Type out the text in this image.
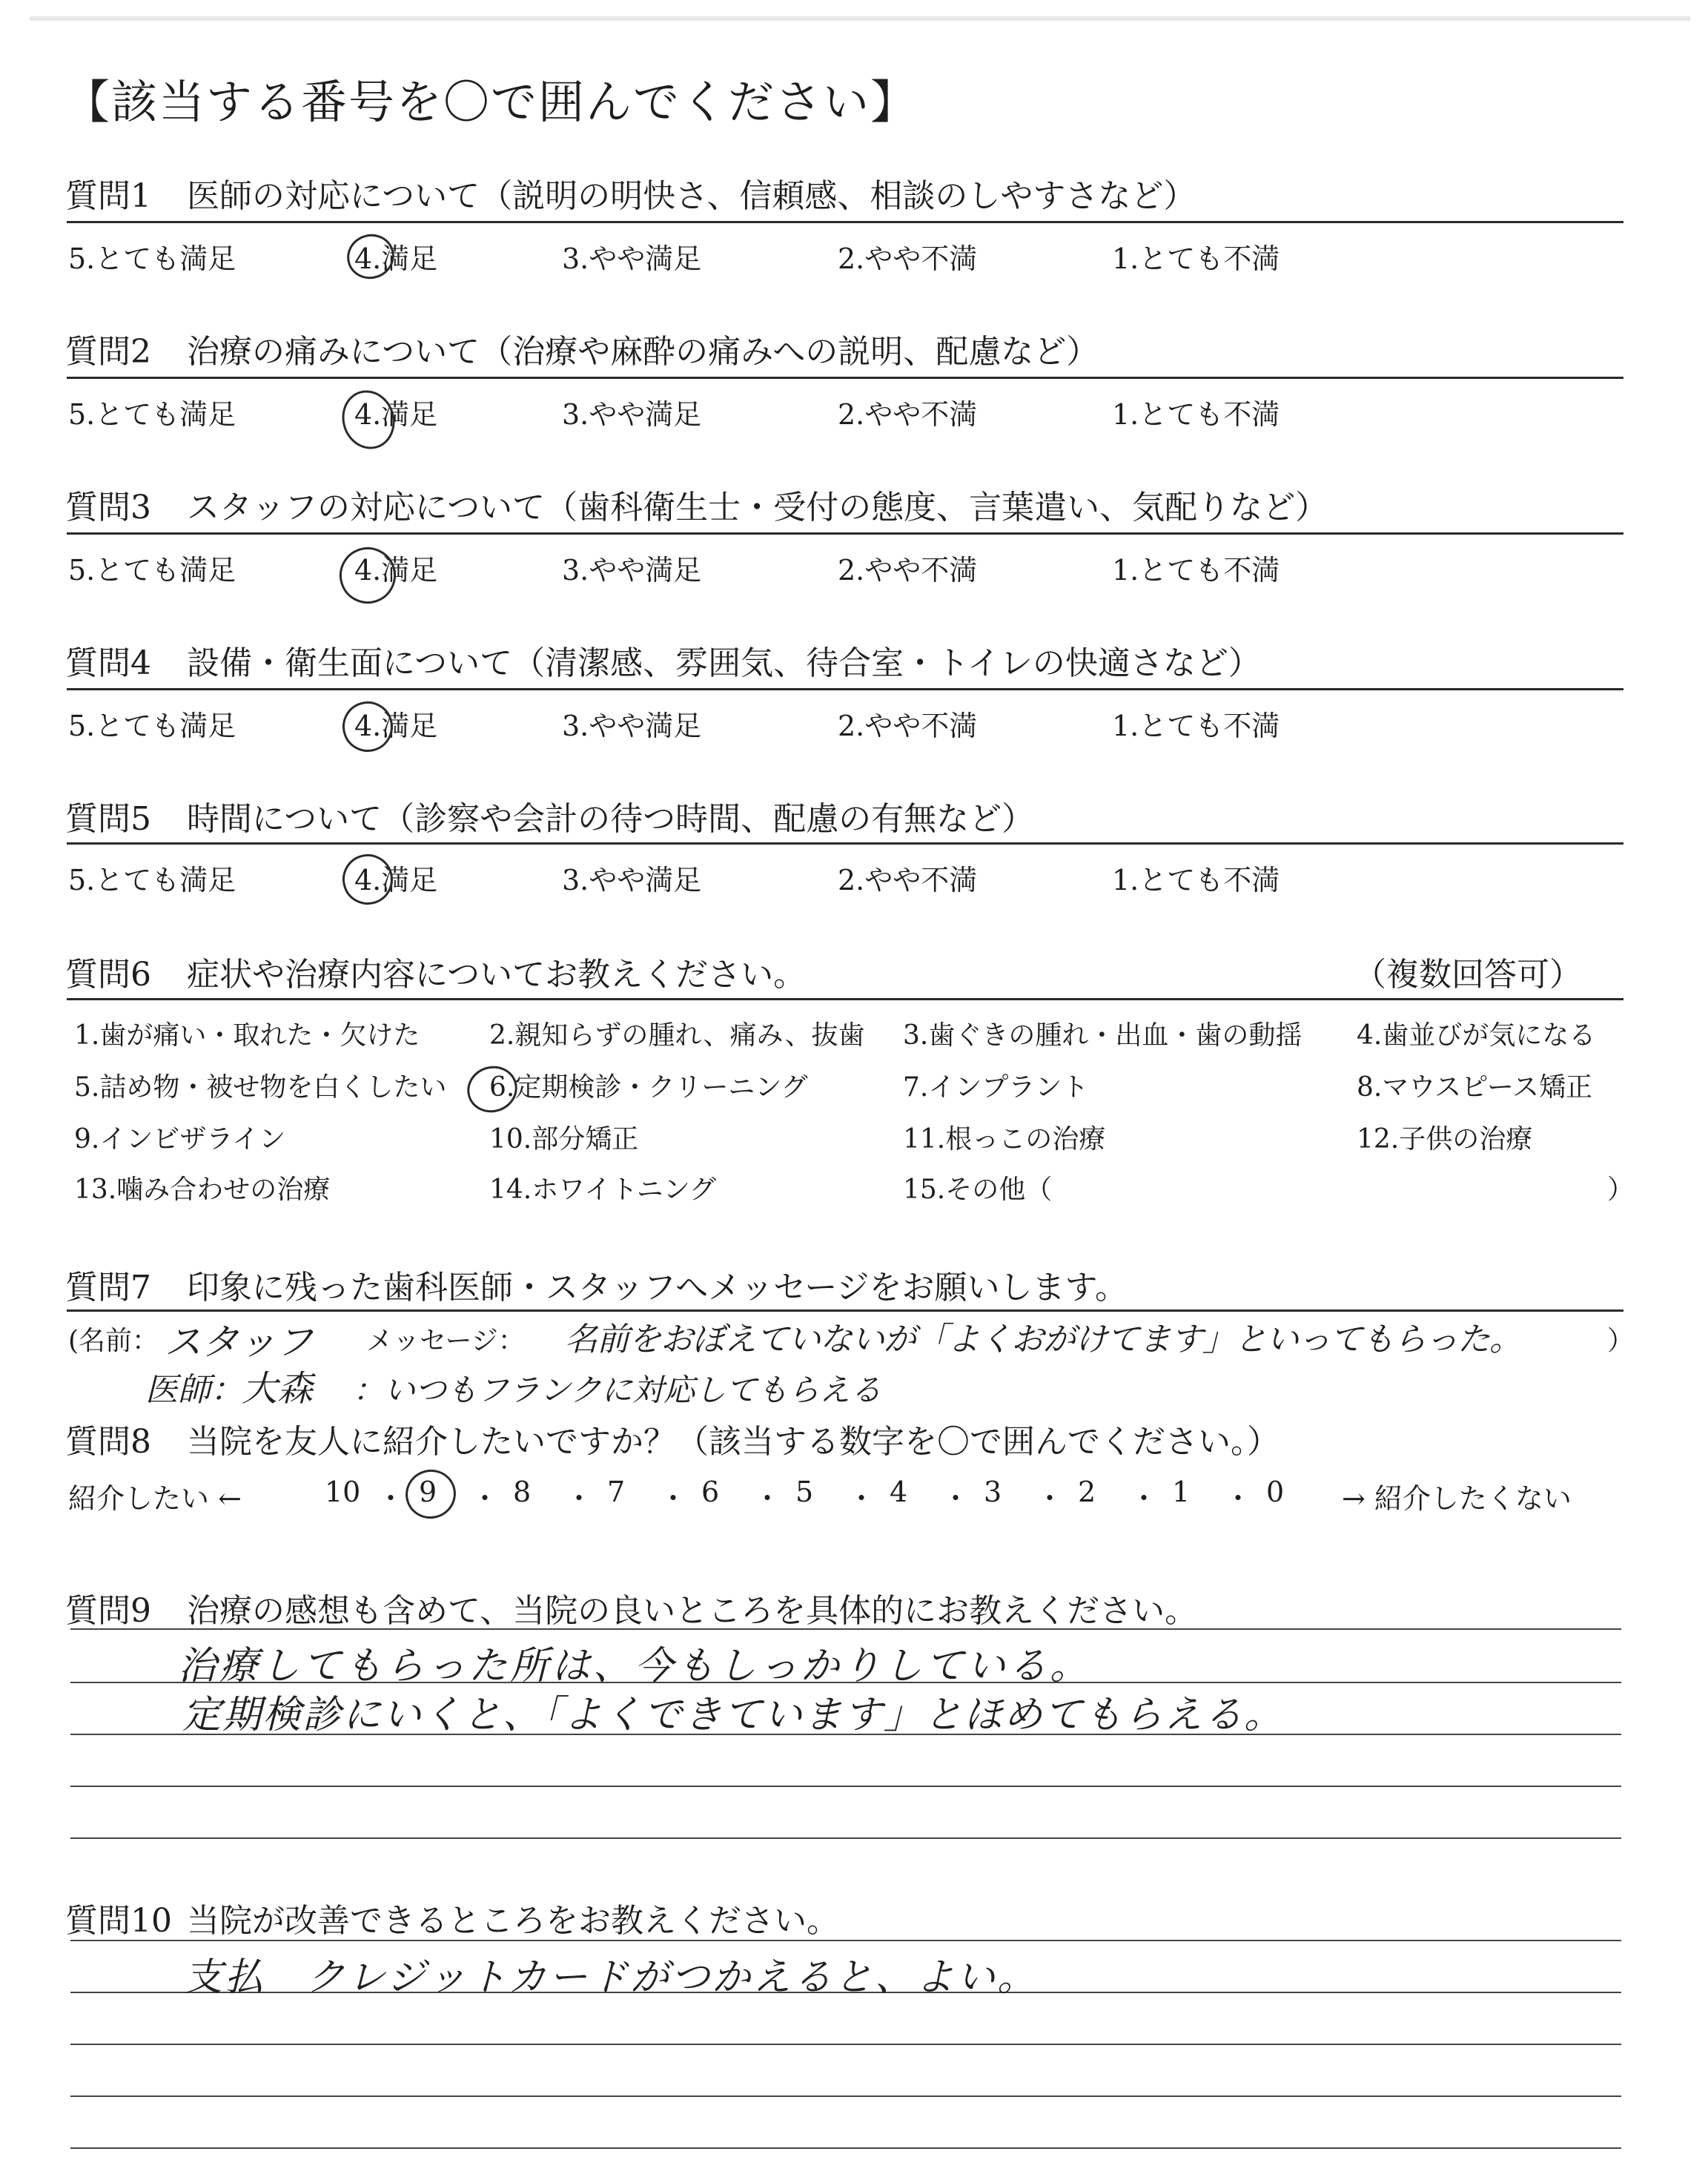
【該当する番号を〇で囲んでください】
質問1 医師の対応について（説明の明快さ、信頼感、相談のしやすさなど）
5.とても満足	4.満足	3.やや満足	2.やや不満	1.とても不満
質問2 治療の痛みについて（治療や麻酔の痛みへの説明、配慮など）
5.とても満足	4.満足	3.やや満足	2.やや不満	1.とても不満
質問3 スタッフの対応について（歯科衛生士・受付の態度、言葉遣い、気配りなど）
5.とても満足	4.満足	3.やや満足	2.やや不満	1.とても不満
質問4 設備・衛生面について（清潔感、雰囲気、待合室・トイレの快適さなど）
5.とても満足	4.満足	3.やや満足	2.やや不満	1.とても不満
質問5 時間について（診察や会計の待つ時間、配慮の有無など）
5.とても満足	4.満足	3.やや満足	2.やや不満	1.とても不満
質問6 症状や治療内容についてお教えください。	（複数回答可）
1.歯が痛い・取れた・欠けた	2.親知らずの腫れ、痛み、抜歯 3.歯ぐきの腫れ・出血・歯の動揺 4.歯並びが気になる
5.詰め物・被せ物を白くしたい 6.定期検診・クリーニング	7.インプラント	8.マウスピース矯正
9.インビザライン	10.部分矯正	11.根っこの治療	12.子供の治療
13.噛み合わせの治療	14.ホワイトニング	15.その他（	）
質問7 印象に残った歯科医師・スタッフへメッセージをお願いします。
(名前： スタッフ メッセージ： 名前をおぼえていないが「よくおがけてます」といってもらった。	）
医師：
大森 ：いつもフランクに対応してもらえる
質問8 当院を友人に紹介したいですか？（該当する数字を〇で囲んでください。）
紹介したい ←	10 ・ 9 ・ 8 ・ 7 ・ 6 ・ 5 ・ 4 ・ 3 ・ 2 ・ 1 ・ 0 → 紹介したくない
質問9 治療の感想も含めて、当院の良いところを具体的にお教えください。
治療してもらった所は、今もしっかりしている。
定期検診にいくと、「よくできています」とほめてもらえる。
質問10 当院が改善できるところをお教えください。
支払　クレジットカードがつかえると、よい。
